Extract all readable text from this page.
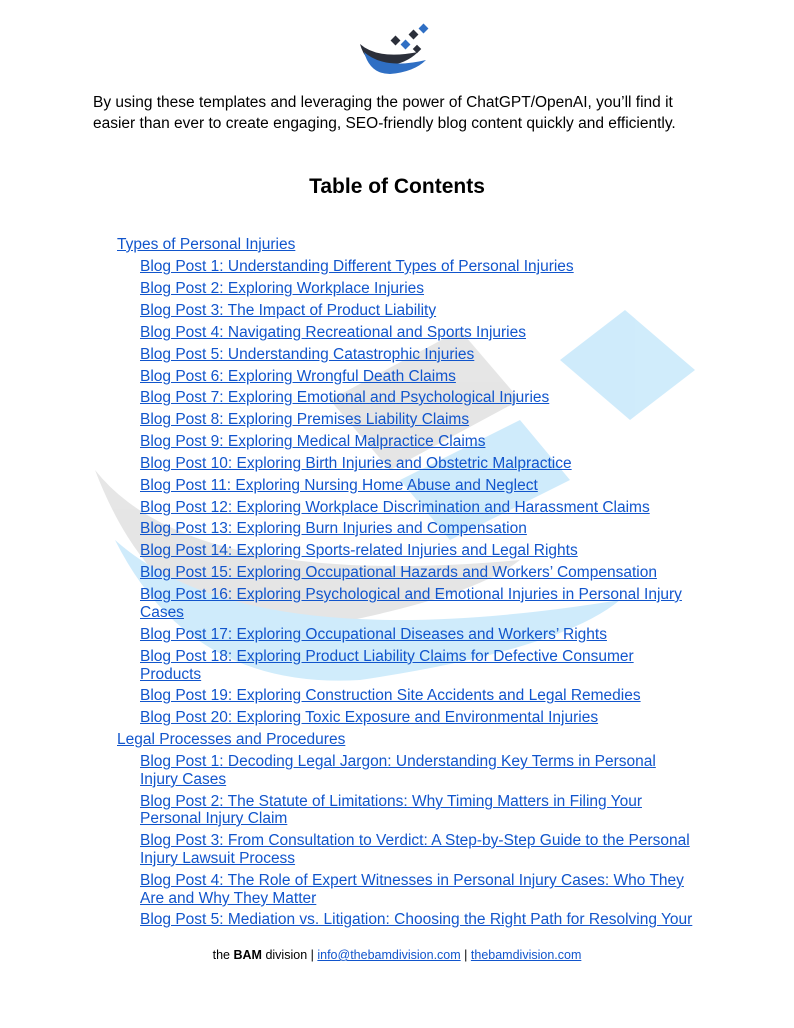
By using these templates and leveraging the power of ChatGPT/OpenAI, you’ll find it
easier than ever to create engaging, SEO-friendly blog content quickly and efficiently.
Table of Contents
Types of Personal Injuries
Blog Post 1: Understanding Different Types of Personal Injuries
Blog Post 2: Exploring Workplace Injuries
Blog Post 3: The Impact of Product Liability
Blog Post 4: Navigating Recreational and Sports Injuries
Blog Post 5: Understanding Catastrophic Injuries
Blog Post 6: Exploring Wrongful Death Claims
Blog Post 7: Exploring Emotional and Psychological Injuries
Blog Post 8: Exploring Premises Liability Claims
Blog Post 9: Exploring Medical Malpractice Claims
Blog Post 10: Exploring Birth Injuries and Obstetric Malpractice
Blog Post 11: Exploring Nursing Home Abuse and Neglect
Blog Post 12: Exploring Workplace Discrimination and Harassment Claims
Blog Post 13: Exploring Burn Injuries and Compensation
Blog Post 14: Exploring Sports-related Injuries and Legal Rights
Blog Post 15: Exploring Occupational Hazards and Workers’ Compensation
Blog Post 16: Exploring Psychological and Emotional Injuries in Personal Injury
Cases
Blog Post 17: Exploring Occupational Diseases and Workers’ Rights
Blog Post 18: Exploring Product Liability Claims for Defective Consumer
Products
Blog Post 19: Exploring Construction Site Accidents and Legal Remedies
Blog Post 20: Exploring Toxic Exposure and Environmental Injuries
Legal Processes and Procedures
Blog Post 1: Decoding Legal Jargon: Understanding Key Terms in Personal
Injury Cases
Blog Post 2: The Statute of Limitations: Why Timing Matters in Filing Your
Personal Injury Claim
Blog Post 3: From Consultation to Verdict: A Step-by-Step Guide to the Personal
Injury Lawsuit Process
Blog Post 4: The Role of Expert Witnesses in Personal Injury Cases: Who They
Are and Why They Matter
Blog Post 5: Mediation vs. Litigation: Choosing the Right Path for Resolving Your
the BAM division | info@thebamdivision.com | thebamdivision.com
